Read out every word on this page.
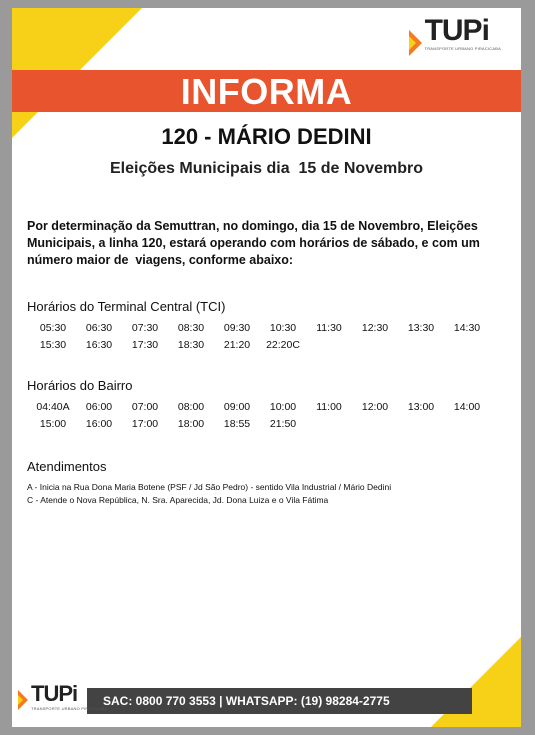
TUPi
TRANSPORTE URBANO PIRACICABA
INFORMA
120 - MÁRIO DEDINI
Eleições Municipais dia  15 de Novembro
Por determinação da Semuttran, no domingo, dia 15 de Novembro, Eleições Municipais, a linha 120, estará operando com horários de sábado, e com um número maior de  viagens, conforme abaixo:
Horários do Terminal Central (TCI)
05:30	06:30	07:30	08:30	09:30	10:30	11:30	12:30	13:30	14:30
15:30	16:30	17:30	18:30	21:20	22:20C
Horários do Bairro
04:40A	06:00	07:00	08:00	09:00	10:00	11:00	12:00	13:00	14:00
15:00	16:00	17:00	18:00	18:55	21:50
Atendimentos
A - Inicia na Rua Dona Maria Botene (PSF / Jd São Pedro) - sentido Vila Industrial / Mário Dedini
C - Atende o Nova República, N. Sra. Aparecida, Jd. Dona Luiza e o Vila Fátima
SAC: 0800 770 3553 | WHATSAPP: (19) 98284-2775
TUPi
TRANSPORTE URBANO PIRACICABA
